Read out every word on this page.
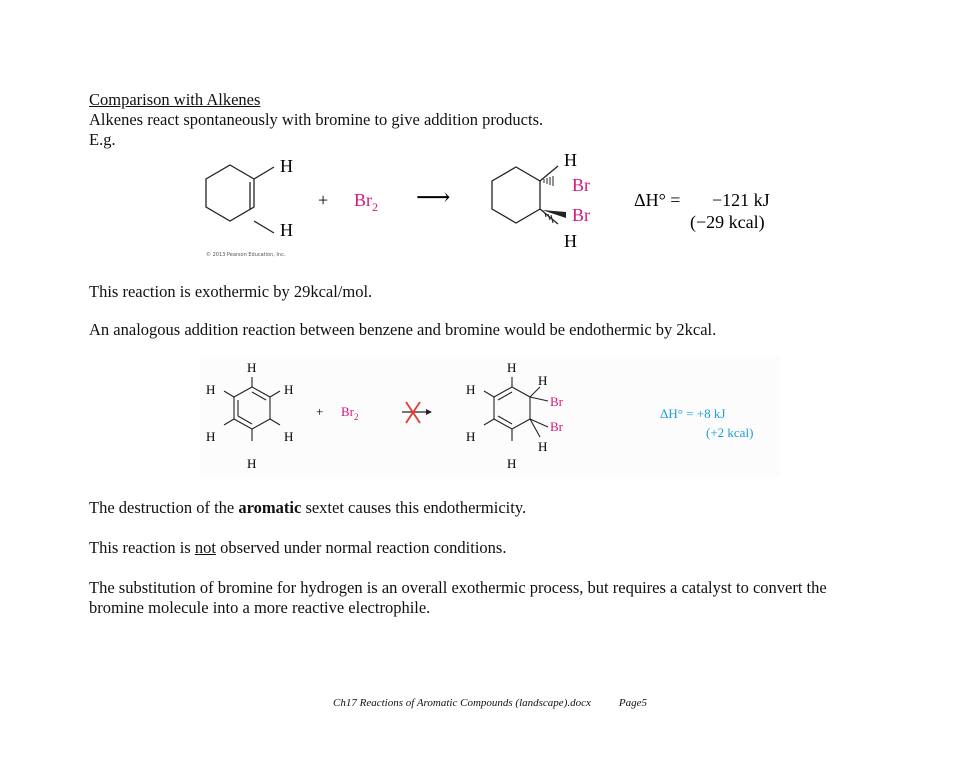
Comparison with Alkenes
Alkenes react spontaneously with bromine to give addition products.
E.g.
H
H
+ $Br_2$ ⟶
H
Br
Br
H
ΔH° = −121 kJ
(−29 kcal)
© 2013 Pearson Education, Inc.
This reaction is exothermic by 29kcal/mol.
An analogous addition reaction between benzene and bromine would be endothermic by 2kcal.
H
H
H
H
H
H
+ $Br_2$
H
H
Br
Br
H
H
H
H
ΔH° = +8 kJ
(+2 kcal)
The destruction of the aromatic sextet causes this endothermicity.
This reaction is not observed under normal reaction conditions.
The substitution of bromine for hydrogen is an overall exothermic process, but requires a catalyst to convert the
bromine molecule into a more reactive electrophile.
Ch17 Reactions of Aromatic Compounds (landscape).docx	Page5
